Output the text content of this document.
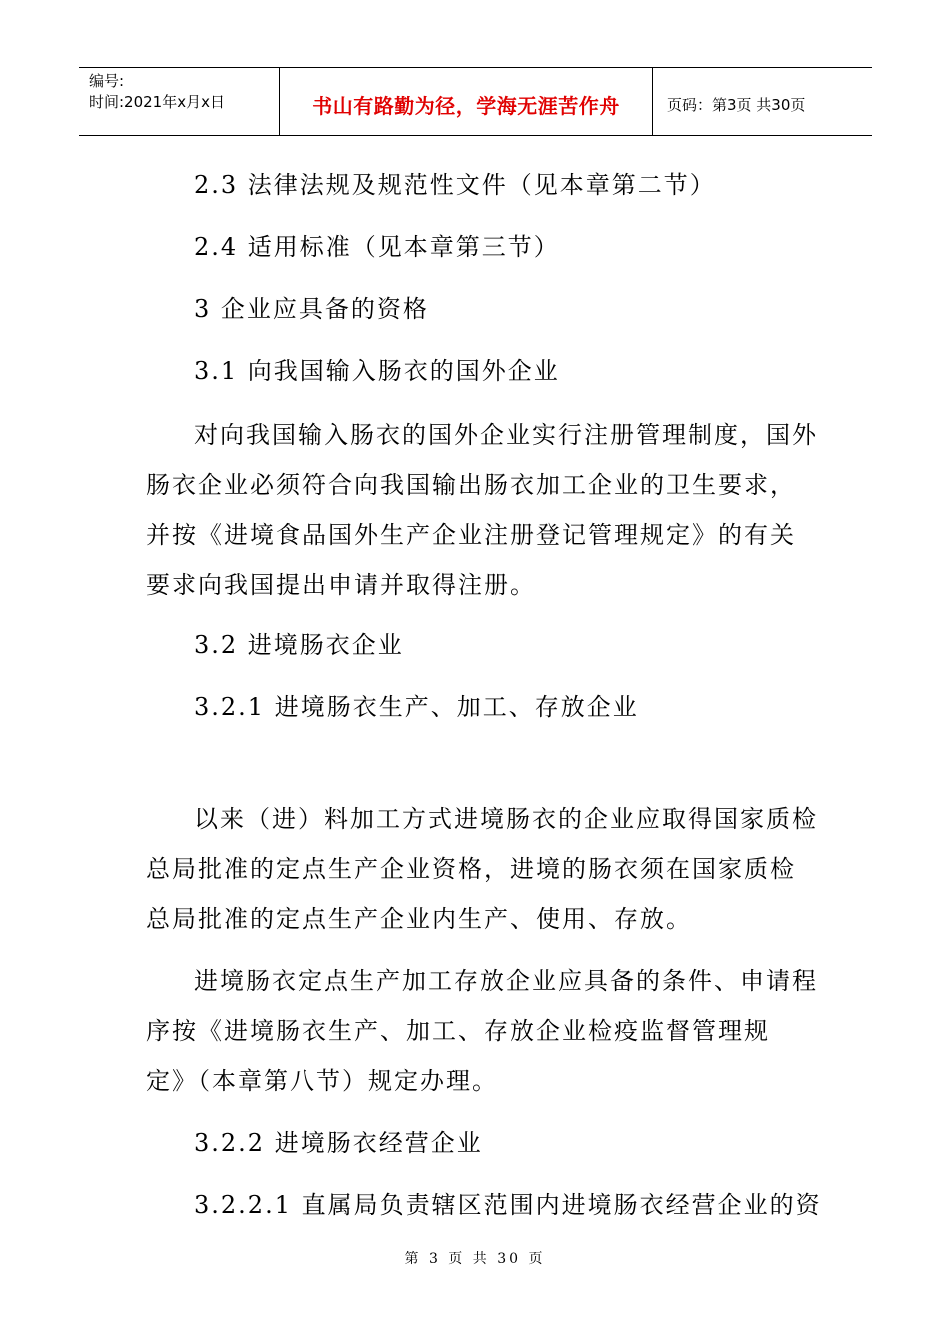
编号:
时间:2021年x月x日	书山有路勤为径，学海无涯苦作舟	页码：第3页 共30页
2.3 法律法规及规范性文件（见本章第二节）
2.4 适用标准（见本章第三节）
3 企业应具备的资格
3.1 向我国输入肠衣的国外企业
对向我国输入肠衣的国外企业实行注册管理制度，国外
肠衣企业必须符合向我国输出肠衣加工企业的卫生要求，
并按《进境食品国外生产企业注册登记管理规定》的有关
要求向我国提出申请并取得注册。
3.2 进境肠衣企业
3.2.1 进境肠衣生产、加工、存放企业
以来（进）料加工方式进境肠衣的企业应取得国家质检
总局批准的定点生产企业资格，进境的肠衣须在国家质检
总局批准的定点生产企业内生产、使用、存放。
进境肠衣定点生产加工存放企业应具备的条件、申请程
序按《进境肠衣生产、加工、存放企业检疫监督管理规
定》（本章第八节）规定办理。
3.2.2 进境肠衣经营企业
3.2.2.1 直属局负责辖区范围内进境肠衣经营企业的资
第 3 页 共 30 页
